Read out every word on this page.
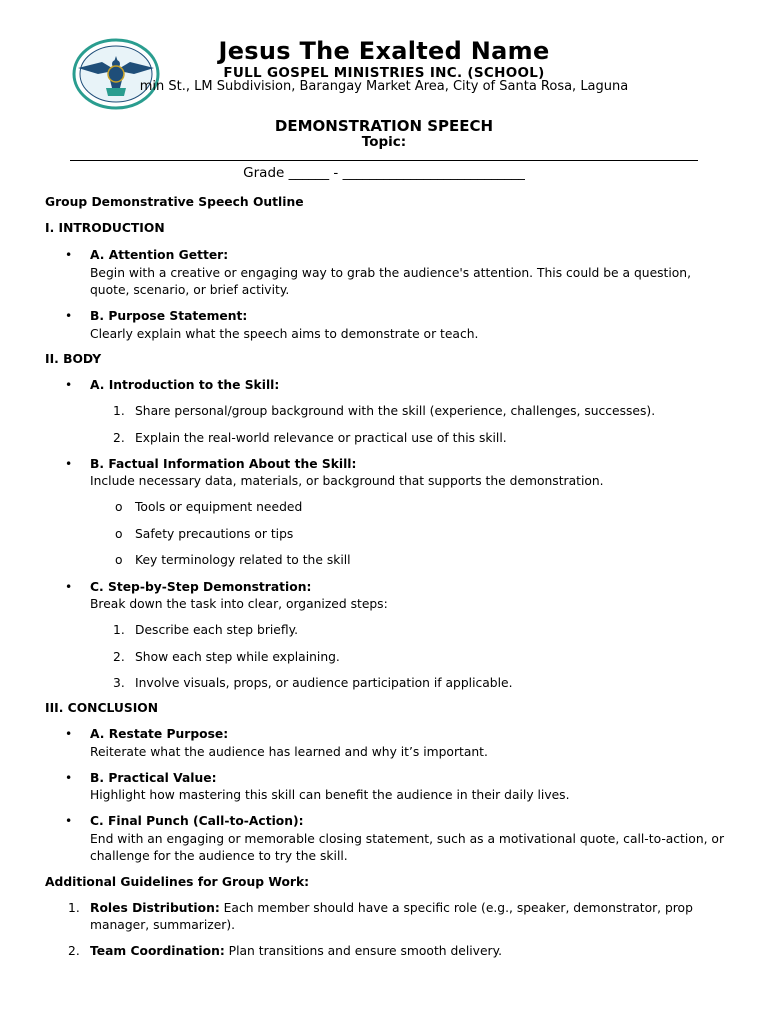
Jesus The Exalted Name
FULL GOSPEL MINISTRIES INC. (SCHOOL)
min St., LM Subdivision, Barangay Market Area, City of Santa Rosa, Laguna
DEMONSTRATION SPEECH
Topic:
Grade ______ - ___________________________
Group Demonstrative Speech Outline
I. INTRODUCTION
• A. Attention Getter:
Begin with a creative or engaging way to grab the audience's attention. This could be a question,
quote, scenario, or brief activity.
• B. Purpose Statement:
Clearly explain what the speech aims to demonstrate or teach.
II. BODY
• A. Introduction to the Skill:
1. Share personal/group background with the skill (experience, challenges, successes).
2. Explain the real-world relevance or practical use of this skill.
• B. Factual Information About the Skill:
Include necessary data, materials, or background that supports the demonstration.
o Tools or equipment needed
o Safety precautions or tips
o Key terminology related to the skill
• C. Step-by-Step Demonstration:
Break down the task into clear, organized steps:
1. Describe each step briefly.
2. Show each step while explaining.
3. Involve visuals, props, or audience participation if applicable.
III. CONCLUSION
• A. Restate Purpose:
Reiterate what the audience has learned and why it’s important.
• B. Practical Value:
Highlight how mastering this skill can benefit the audience in their daily lives.
• C. Final Punch (Call-to-Action):
End with an engaging or memorable closing statement, such as a motivational quote, call-to-action, or
challenge for the audience to try the skill.
Additional Guidelines for Group Work:
1. Roles Distribution: Each member should have a specific role (e.g., speaker, demonstrator, prop
manager, summarizer).
2. Team Coordination: Plan transitions and ensure smooth delivery.
